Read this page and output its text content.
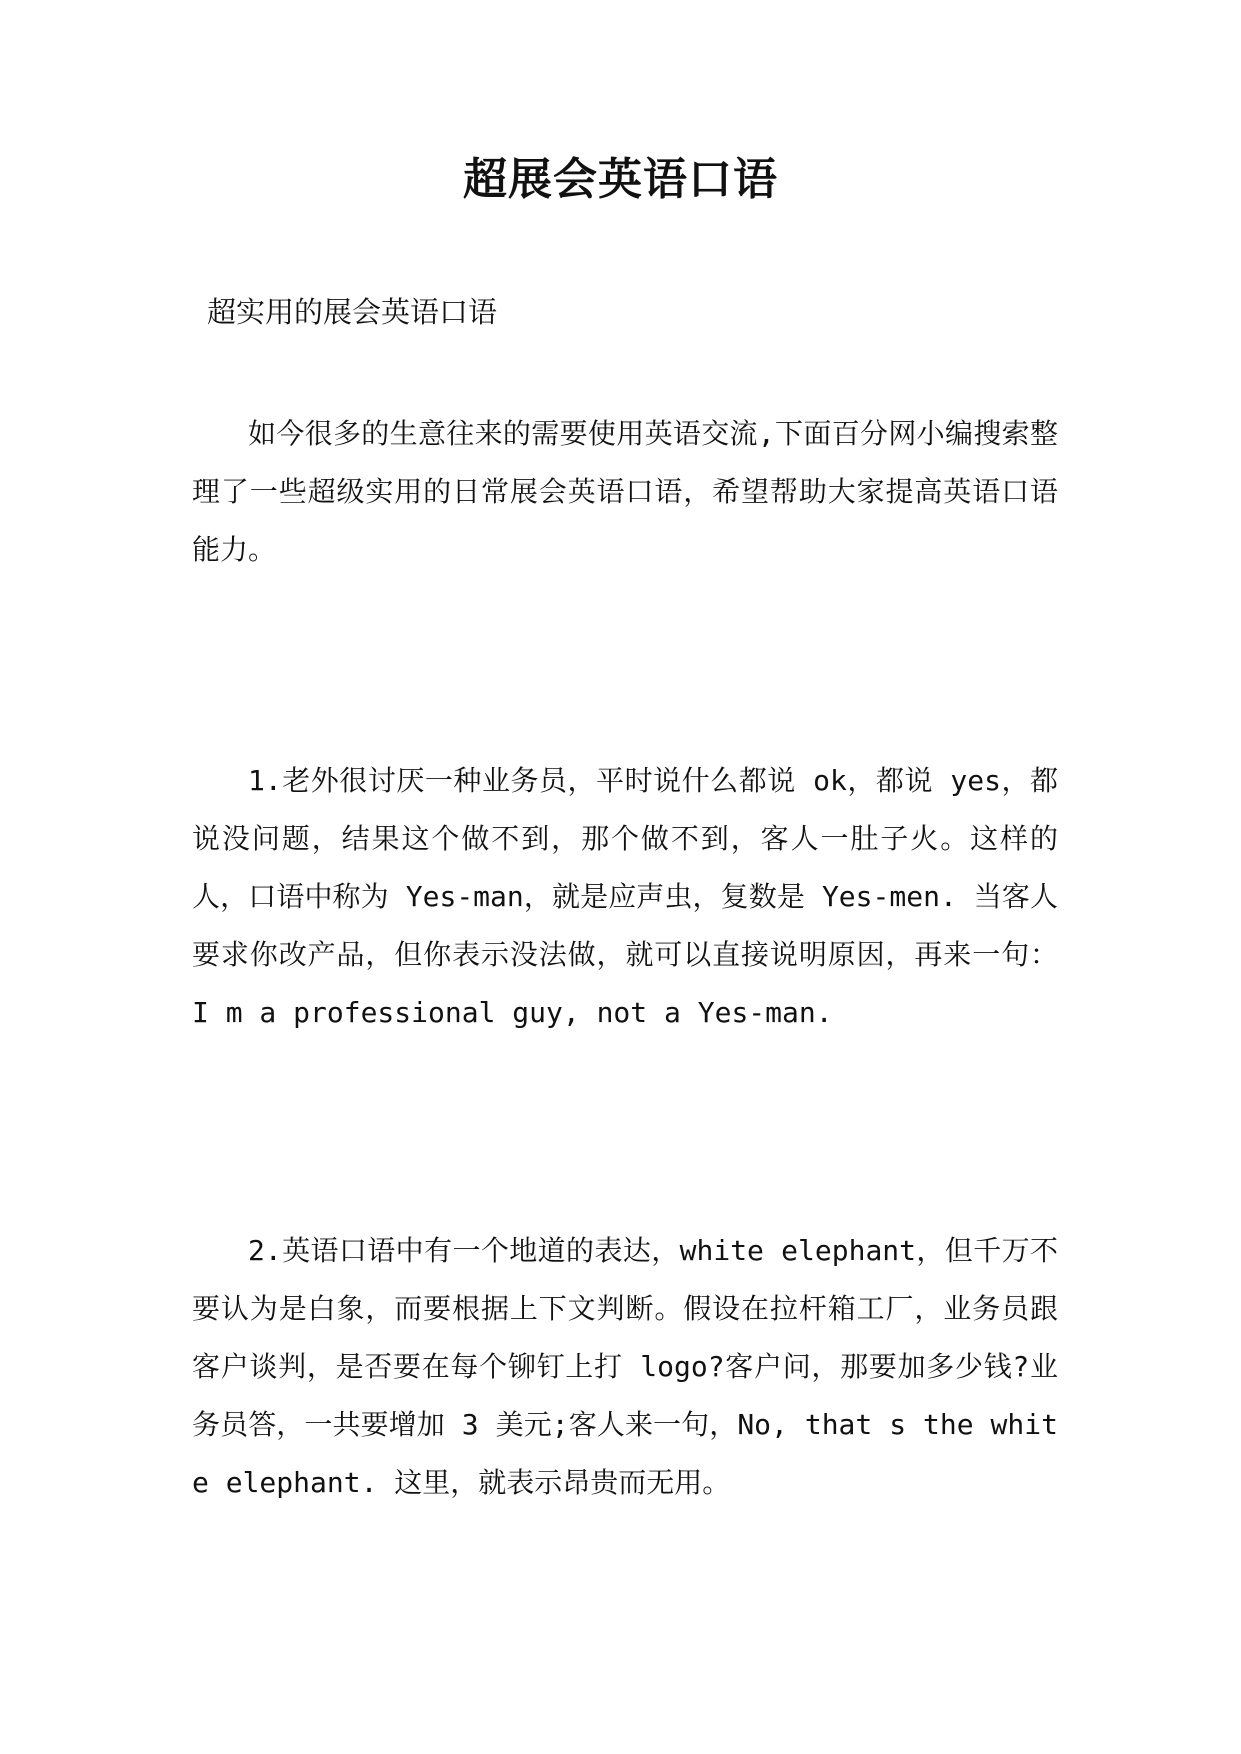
超展会英语口语

超实用的展会英语口语

如今很多的生意往来的需要使用英语交流,下面百分网小编搜索整理了一些超级实用的日常展会英语口语，希望帮助大家提高英语口语能力。

1.老外很讨厌一种业务员，平时说什么都说 ok，都说 yes，都说没问题，结果这个做不到，那个做不到，客人一肚子火。这样的人，口语中称为 Yes-man，就是应声虫，复数是 Yes-men. 当客人要求你改产品，但你表示没法做，就可以直接说明原因，再来一句： I m a professional guy, not a Yes-man.

2.英语口语中有一个地道的表达，white elephant，但千万不要认为是白象，而要根据上下文判断。假设在拉杆箱工厂，业务员跟客户谈判，是否要在每个铆钉上打 logo?客户问，那要加多少钱?业务员答，一共要增加 3 美元;客人来一句，No, that s the white elephant. 这里，就表示昂贵而无用。
